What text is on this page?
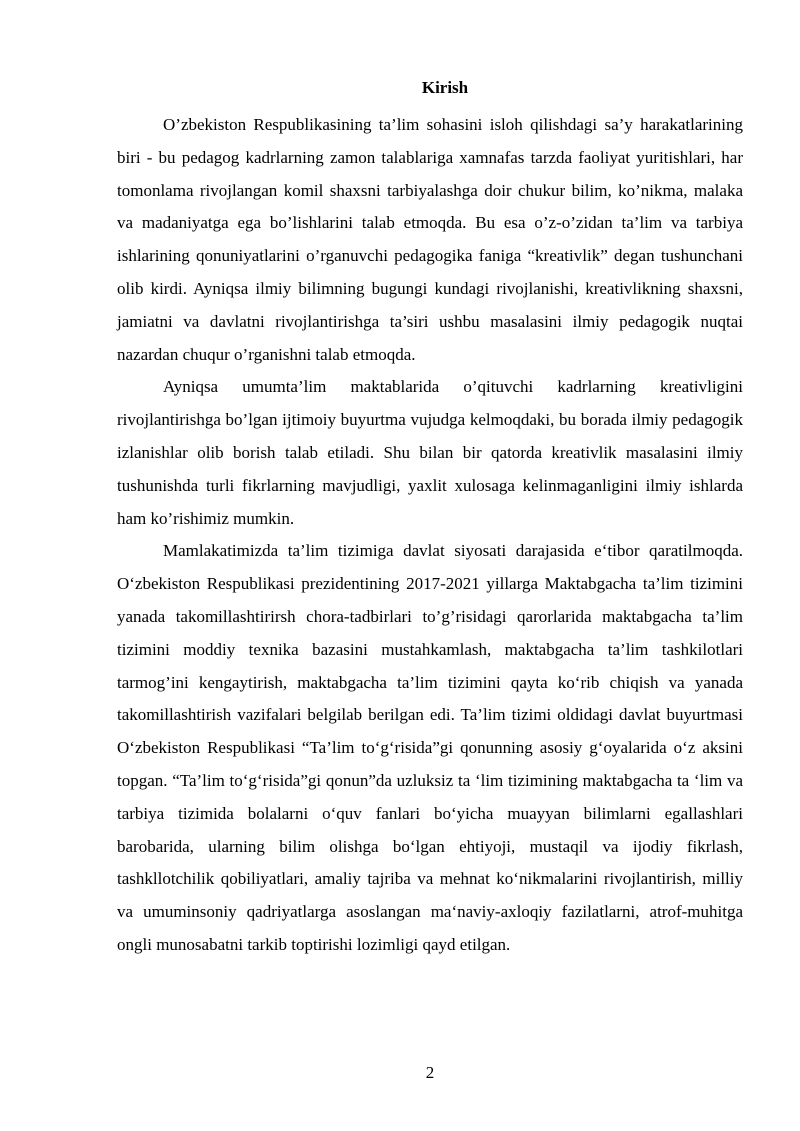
Kirish

O’zbekiston Respublikasining ta’lim sohasini isloh qilishdagi sa’y harakatlarining biri - bu pedagog kadrlarning zamon talablariga xamnafas tarzda faoliyat yuritishlari, har tomonlama rivojlangan komil shaxsni tarbiyalashga doir chukur bilim, ko’nikma, malaka va madaniyatga ega bo’lishlarini talab etmoqda. Bu esa o’z-o’zidan ta’lim va tarbiya ishlarining qonuniyatlarini o’rganuvchi pedagogika faniga “kreativlik” degan tushunchani olib kirdi. Ayniqsa ilmiy bilimning bugungi kundagi rivojlanishi, kreativlikning shaxsni, jamiatni va davlatni rivojlantirishga ta’siri ushbu masalasini ilmiy pedagogik nuqtai nazardan chuqur o’rganishni talab etmoqda.

Ayniqsa umumta’lim maktablarida o’qituvchi kadrlarning kreativligini rivojlantirishga bo’lgan ijtimoiy buyurtma vujudga kelmoqdaki, bu borada ilmiy pedagogik izlanishlar olib borish talab etiladi. Shu bilan bir qatorda kreativlik masalasini ilmiy tushunishda turli fikrlarning mavjudligi, yaxlit xulosaga kelinmaganligini ilmiy ishlarda ham ko’rishimiz mumkin.

Mamlakatimizda ta’lim tizimiga davlat siyosati darajasida e‘tibor qaratilmoqda. O‘zbekiston Respublikasi prezidentining 2017-2021 yillarga Maktabgacha ta’lim tizimini yanada takomillashtirirsh chora-tadbirlari to’g’risidagi qarorlarida maktabgacha ta’lim tizimini moddiy texnika bazasini mustahkamlash, maktabgacha ta’lim tashkilotlari tarmog’ini kengaytirish, maktabgacha ta’lim tizimini qayta ko‘rib chiqish va yanada takomillashtirish vazifalari belgilab berilgan edi. Ta’lim tizimi oldidagi davlat buyurtmasi O‘zbekiston Respublikasi “Ta’lim to‘g‘risida”gi qonunning asosiy g‘oyalarida o‘z aksini topgan. “Ta’lim to‘g‘risida”gi qonun”da uzluksiz ta ‘lim tizimining maktabgacha ta ‘lim va tarbiya tizimida bolalarni o‘quv fanlari bo‘yicha muayyan bilimlarni egallashlari barobarida, ularning bilim olishga bo‘lgan ehtiyoji, mustaqil va ijodiy fikrlash, tashkllotchilik qobiliyatlari, amaliy tajriba va mehnat ko‘nikmalarini rivojlantirish, milliy va umuminsoniy qadriyatlarga asoslangan ma‘naviy-axloqiy fazilatlarni, atrof-muhitga ongli munosabatni tarkib toptirishi lozimligi qayd etilgan.

2
